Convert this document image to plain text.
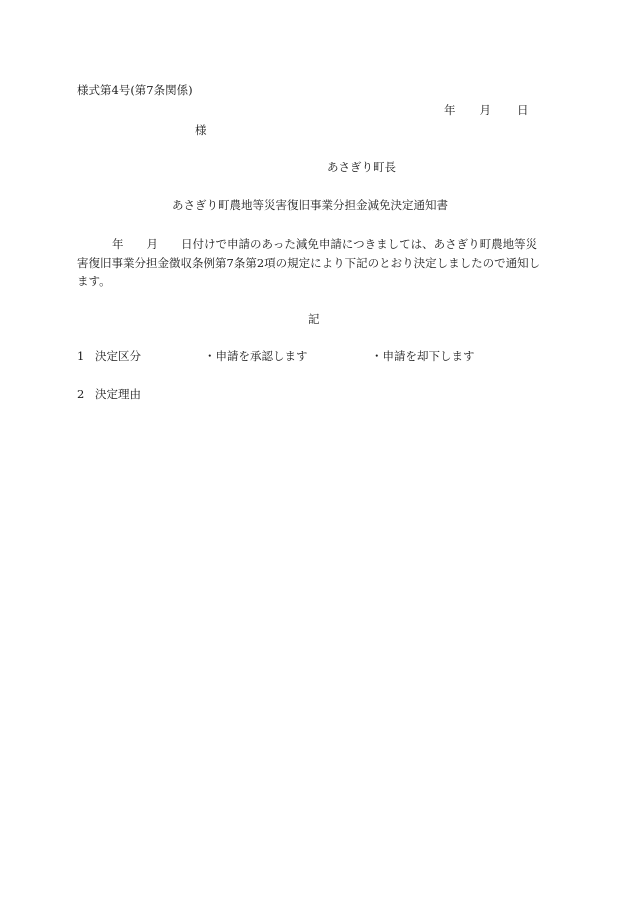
様式第4号(第7条関係)
年 月 日
様
あさぎり町長
あさぎり町農地等災害復旧事業分担金減免決定通知書
年 月 日付けで申請のあった減免申請につきましては、あさぎり町農地等災
害復旧事業分担金徴収条例第7条第2項の規定により下記のとおり決定しましたので通知し
ます。
記
1 決定区分	・申請を承認します	・申請を却下します
2 決定理由
